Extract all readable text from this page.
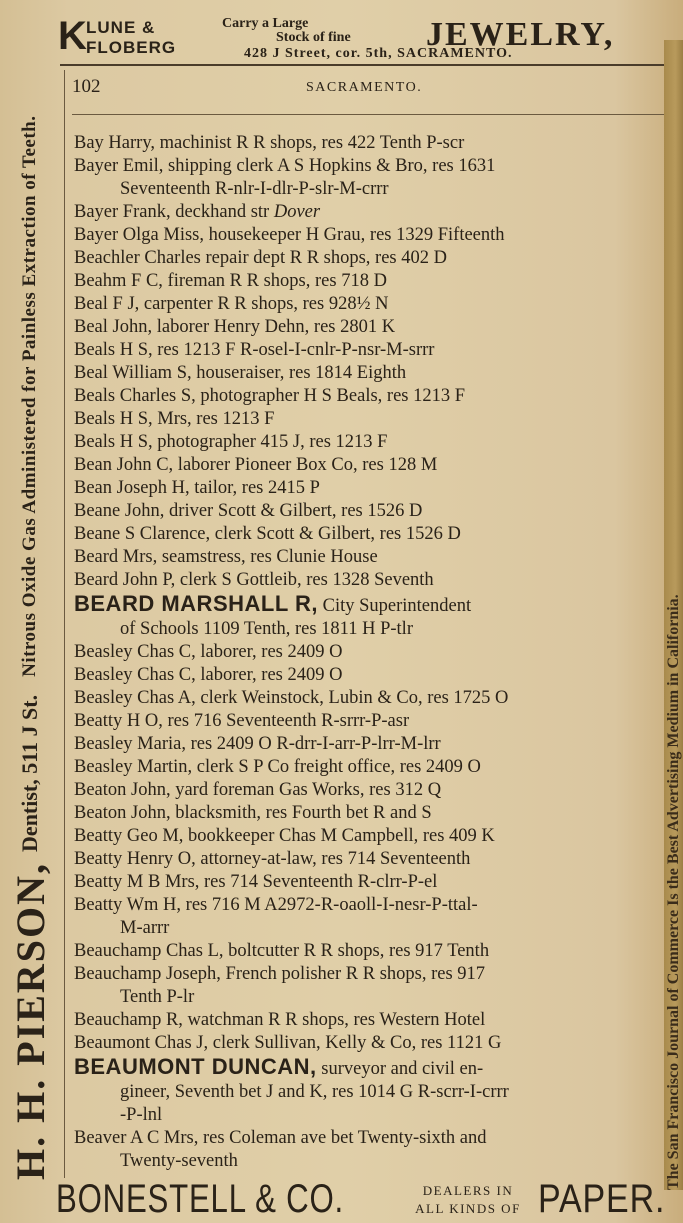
K LUNE &
FLOBERG
Carry a Large
Stock of fine JEWELRY,
428 J Street, cor. 5th, SACRAMENTO.
H. H. PIERSON,
Dentist, 511 J St.
Nitrous Oxide Gas Administered for Painless Extraction of Teeth.
The San Francisco Journal of Commerce Is the Best Advertising Medium in California.
102	SACRAMENTO.
Bay Harry, machinist R R shops, res 422 Tenth P-scr
Bayer Emil, shipping clerk A S Hopkins & Bro, res 1631
Seventeenth R-nlr-I-dlr-P-slr-M-crrr
Bayer Frank, deckhand str Dover
Bayer Olga Miss, housekeeper H Grau, res 1329 Fifteenth
Beachler Charles repair dept R R shops, res 402 D
Beahm F C, fireman R R shops, res 718 D
Beal F J, carpenter R R shops, res 928½ N
Beal John, laborer Henry Dehn, res 2801 K
Beals H S, res 1213 F R-osel-I-cnlr-P-nsr-M-srrr
Beal William S, houseraiser, res 1814 Eighth
Beals Charles S, photographer H S Beals, res 1213 F
Beals H S, Mrs, res 1213 F
Beals H S, photographer 415 J, res 1213 F
Bean John C, laborer Pioneer Box Co, res 128 M
Bean Joseph H, tailor, res 2415 P
Beane John, driver Scott & Gilbert, res 1526 D
Beane S Clarence, clerk Scott & Gilbert, res 1526 D
Beard Mrs, seamstress, res Clunie House
Beard John P, clerk S Gottleib, res 1328 Seventh
BEARD MARSHALL R, City Superintendent
of Schools 1109 Tenth, res 1811 H P-tlr
Beasley Chas C, laborer, res 2409 O
Beasley Chas C, laborer, res 2409 O
Beasley Chas A, clerk Weinstock, Lubin & Co, res 1725 O
Beatty H O, res 716 Seventeenth R-srrr-P-asr
Beasley Maria, res 2409 O R-drr-I-arr-P-lrr-M-lrr
Beasley Martin, clerk S P Co freight office, res 2409 O
Beaton John, yard foreman Gas Works, res 312 Q
Beaton John, blacksmith, res Fourth bet R and S
Beatty Geo M, bookkeeper Chas M Campbell, res 409 K
Beatty Henry O, attorney-at-law, res 714 Seventeenth
Beatty M B Mrs, res 714 Seventeenth R-clrr-P-el
Beatty Wm H, res 716 M A2972-R-oaoll-I-nesr-P-ttal-
M-arrr
Beauchamp Chas L, boltcutter R R shops, res 917 Tenth
Beauchamp Joseph, French polisher R R shops, res 917
Tenth P-lr
Beauchamp R, watchman R R shops, res Western Hotel
Beaumont Chas J, clerk Sullivan, Kelly & Co, res 1121 G
BEAUMONT DUNCAN, surveyor and civil en-
gineer, Seventh bet J and K, res 1014 G R-scrr-I-crrr
-P-lnl
Beaver A C Mrs, res Coleman ave bet Twenty-sixth and
Twenty-seventh
BONESTELL & CO.	DEALERS IN
ALL KINDS OF PAPER.
